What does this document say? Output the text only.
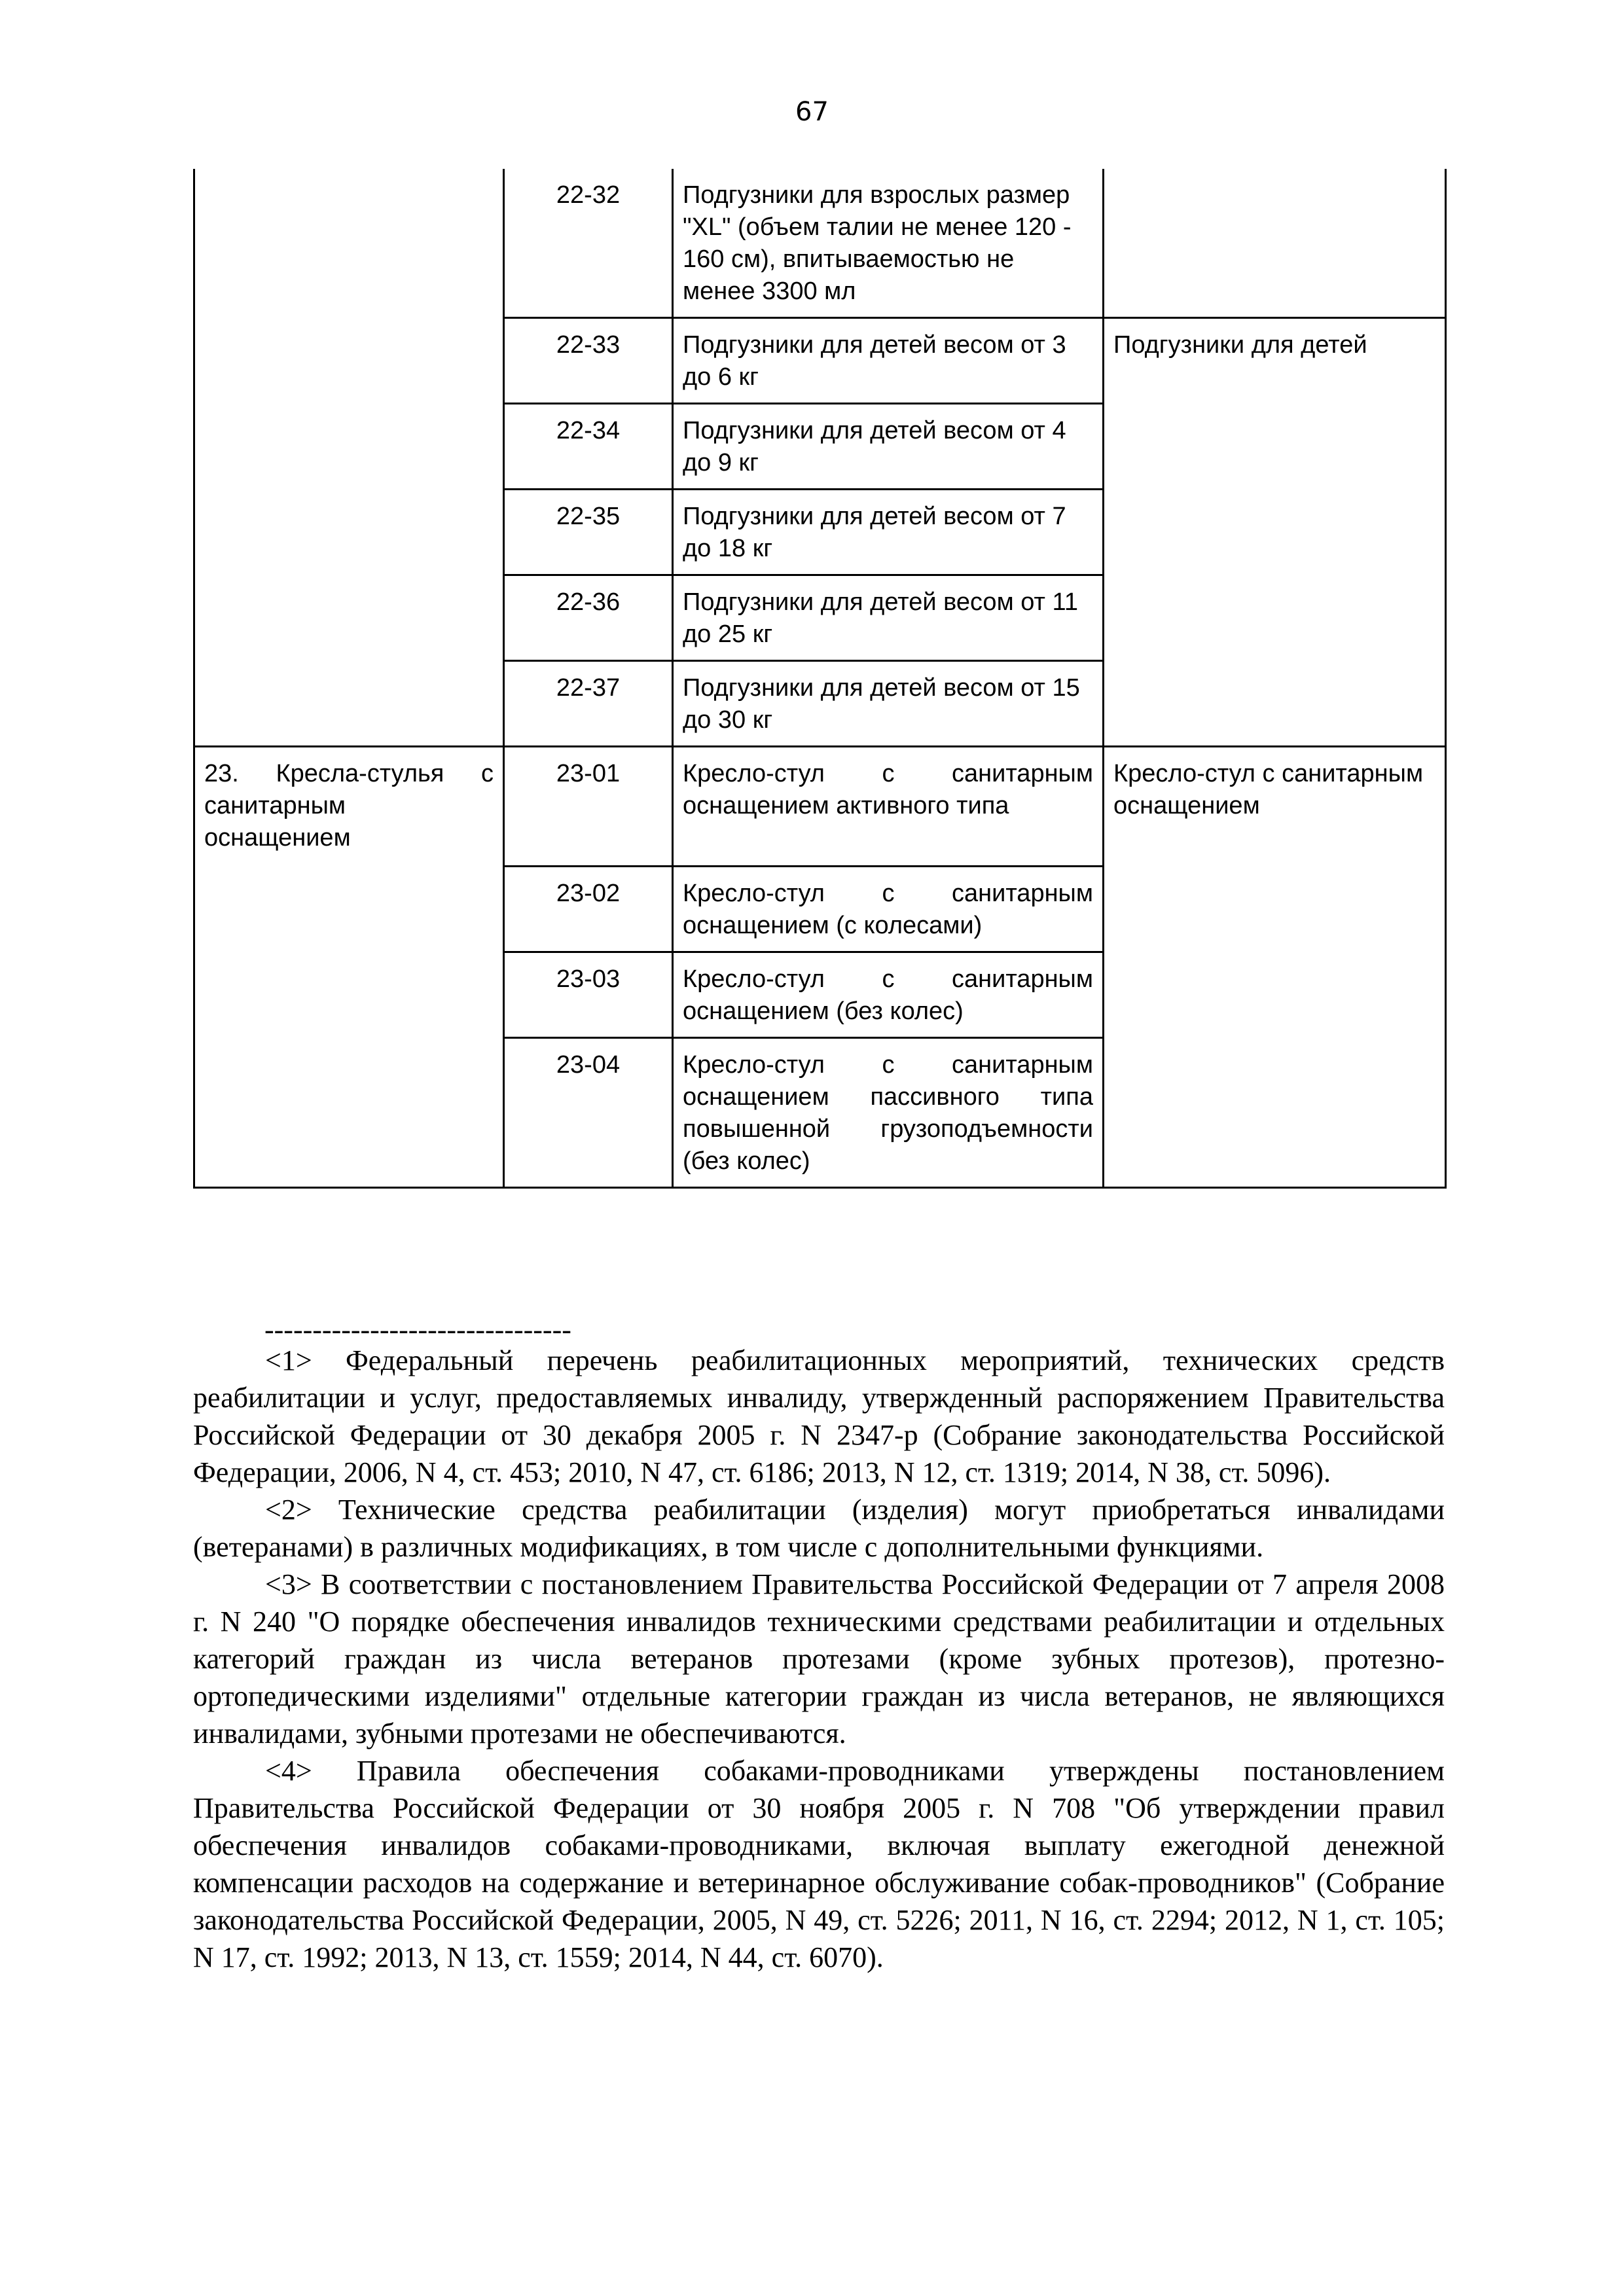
67
	22-32	Подгузники для взрослых размер "XL" (объем талии не менее 120 - 160 см), впитываемостью не менее 3300 мл	
	22-33	Подгузники для детей весом от 3 до 6 кг	Подгузники для детей
	22-34	Подгузники для детей весом от 4 до 9 кг	
	22-35	Подгузники для детей весом от 7 до 18 кг	
	22-36	Подгузники для детей весом от 11 до 25 кг	
	22-37	Подгузники для детей весом от 15 до 30 кг	
23. Кресла-стулья с санитарным оснащением	23-01	Кресло-стул с санитарным оснащением активного типа	Кресло-стул с санитарным оснащением
	23-02	Кресло-стул с санитарным оснащением (с колесами)	
	23-03	Кресло-стул с санитарным оснащением (без колес)	
	23-04	Кресло-стул с санитарным оснащением пассивного типа повышенной грузоподъемности (без колес)	
--------------------------------

<1> Федеральный перечень реабилитационных мероприятий, технических средств реабилитации и услуг, предоставляемых инвалиду, утвержденный распоряжением Правительства Российской Федерации от 30 декабря 2005 г. N 2347-р (Собрание законодательства Российской Федерации, 2006, N 4, ст. 453; 2010, N 47, ст. 6186; 2013, N 12, ст. 1319; 2014, N 38, ст. 5096).

<2> Технические средства реабилитации (изделия) могут приобретаться инвалидами (ветеранами) в различных модификациях, в том числе с дополнительными функциями.

<3> В соответствии с постановлением Правительства Российской Федерации от 7 апреля 2008 г. N 240 "О порядке обеспечения инвалидов техническими средствами реабилитации и отдельных категорий граждан из числа ветеранов протезами (кроме зубных протезов), протезно-ортопедическими изделиями" отдельные категории граждан из числа ветеранов, не являющихся инвалидами, зубными протезами не обеспечиваются.

<4> Правила обеспечения собаками-проводниками утверждены постановлением Правительства Российской Федерации от 30 ноября 2005 г. N 708 "Об утверждении правил обеспечения инвалидов собаками-проводниками, включая выплату ежегодной денежной компенсации расходов на содержание и ветеринарное обслуживание собак-проводников" (Собрание законодательства Российской Федерации, 2005, N 49, ст. 5226; 2011, N 16, ст. 2294; 2012, N 1, ст. 105; N 17, ст. 1992; 2013, N 13, ст. 1559; 2014, N 44, ст. 6070).
